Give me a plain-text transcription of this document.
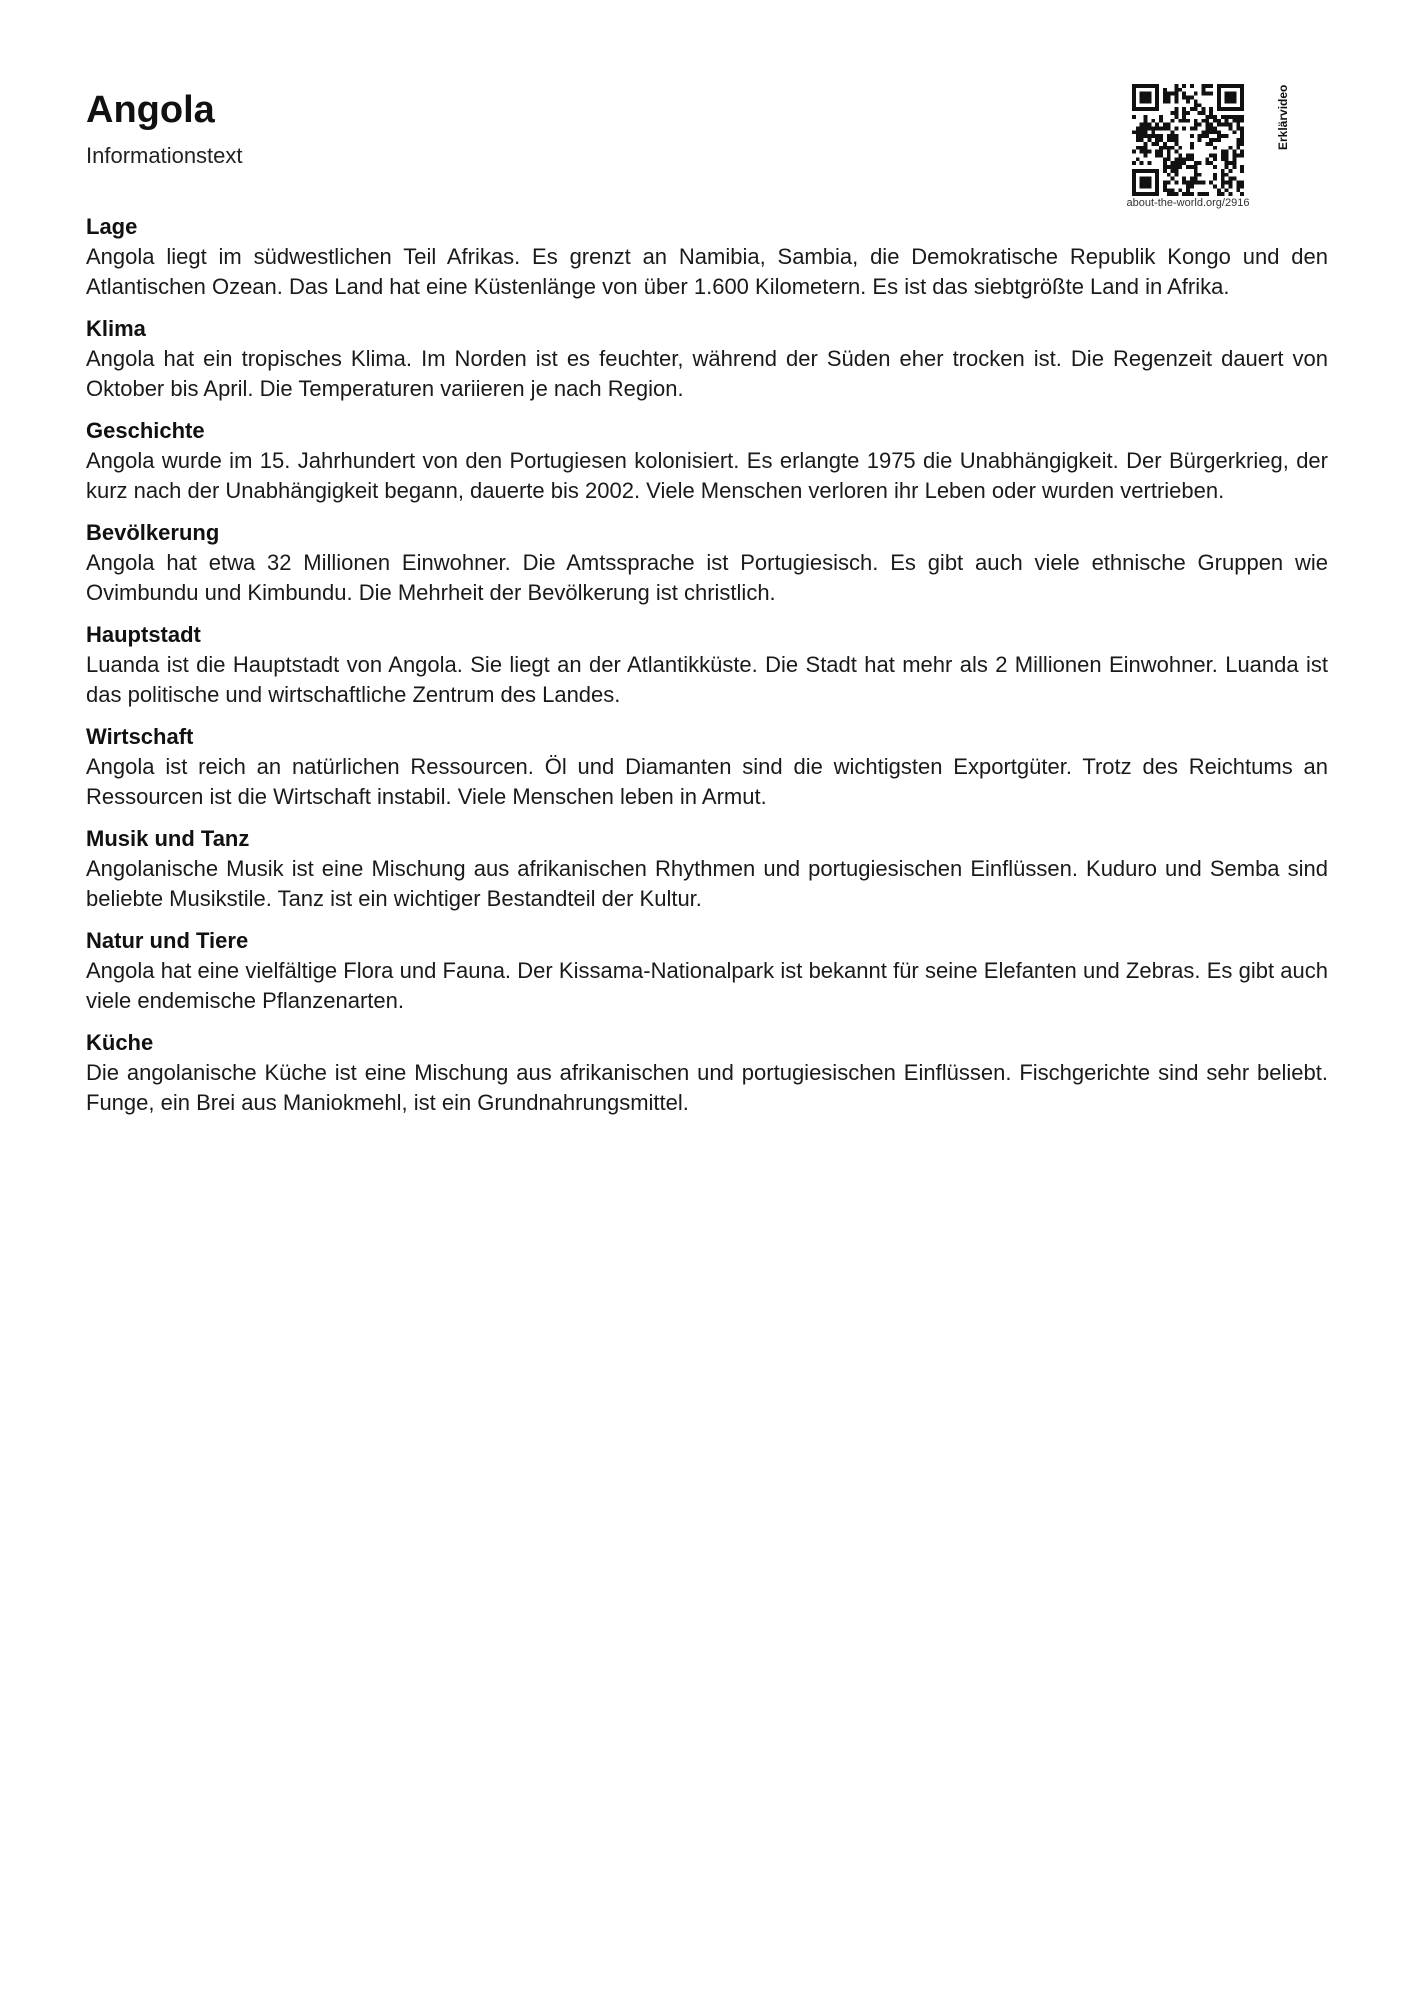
Angola
Informationstext
about-the-world.org/2916
Erklärvideo
Lage

Angola liegt im südwestlichen Teil Afrikas. Es grenzt an Namibia, Sambia, die Demokratische Republik Kongo und den Atlantischen Ozean. Das Land hat eine Küstenlänge von über 1.600 Kilometern. Es ist das siebtgrößte Land in Afrika.

Klima

Angola hat ein tropisches Klima. Im Norden ist es feuchter, während der Süden eher trocken ist. Die Regenzeit dauert von Oktober bis April. Die Temperaturen variieren je nach Region.

Geschichte

Angola wurde im 15. Jahrhundert von den Portugiesen kolonisiert. Es erlangte 1975 die Unabhängigkeit. Der Bürgerkrieg, der kurz nach der Unabhängigkeit begann, dauerte bis 2002. Viele Menschen verloren ihr Leben oder wurden vertrieben.

Bevölkerung

Angola hat etwa 32 Millionen Einwohner. Die Amtssprache ist Portugiesisch. Es gibt auch viele ethnische Gruppen wie Ovimbundu und Kimbundu. Die Mehrheit der Bevölkerung ist christlich.

Hauptstadt

Luanda ist die Hauptstadt von Angola. Sie liegt an der Atlantikküste. Die Stadt hat mehr als 2 Millionen Einwohner. Luanda ist das politische und wirtschaftliche Zentrum des Landes.

Wirtschaft

Angola ist reich an natürlichen Ressourcen. Öl und Diamanten sind die wichtigsten Exportgüter. Trotz des Reichtums an Ressourcen ist die Wirtschaft instabil. Viele Menschen leben in Armut.

Musik und Tanz

Angolanische Musik ist eine Mischung aus afrikanischen Rhythmen und portugiesischen Einflüssen. Kuduro und Semba sind beliebte Musikstile. Tanz ist ein wichtiger Bestandteil der Kultur.

Natur und Tiere

Angola hat eine vielfältige Flora und Fauna. Der Kissama-Nationalpark ist bekannt für seine Elefanten und Zebras. Es gibt auch viele endemische Pflanzenarten.

Küche

Die angolanische Küche ist eine Mischung aus afrikanischen und portugiesischen Einflüssen. Fischgerichte sind sehr beliebt. Funge, ein Brei aus Maniokmehl, ist ein Grundnahrungsmittel.
